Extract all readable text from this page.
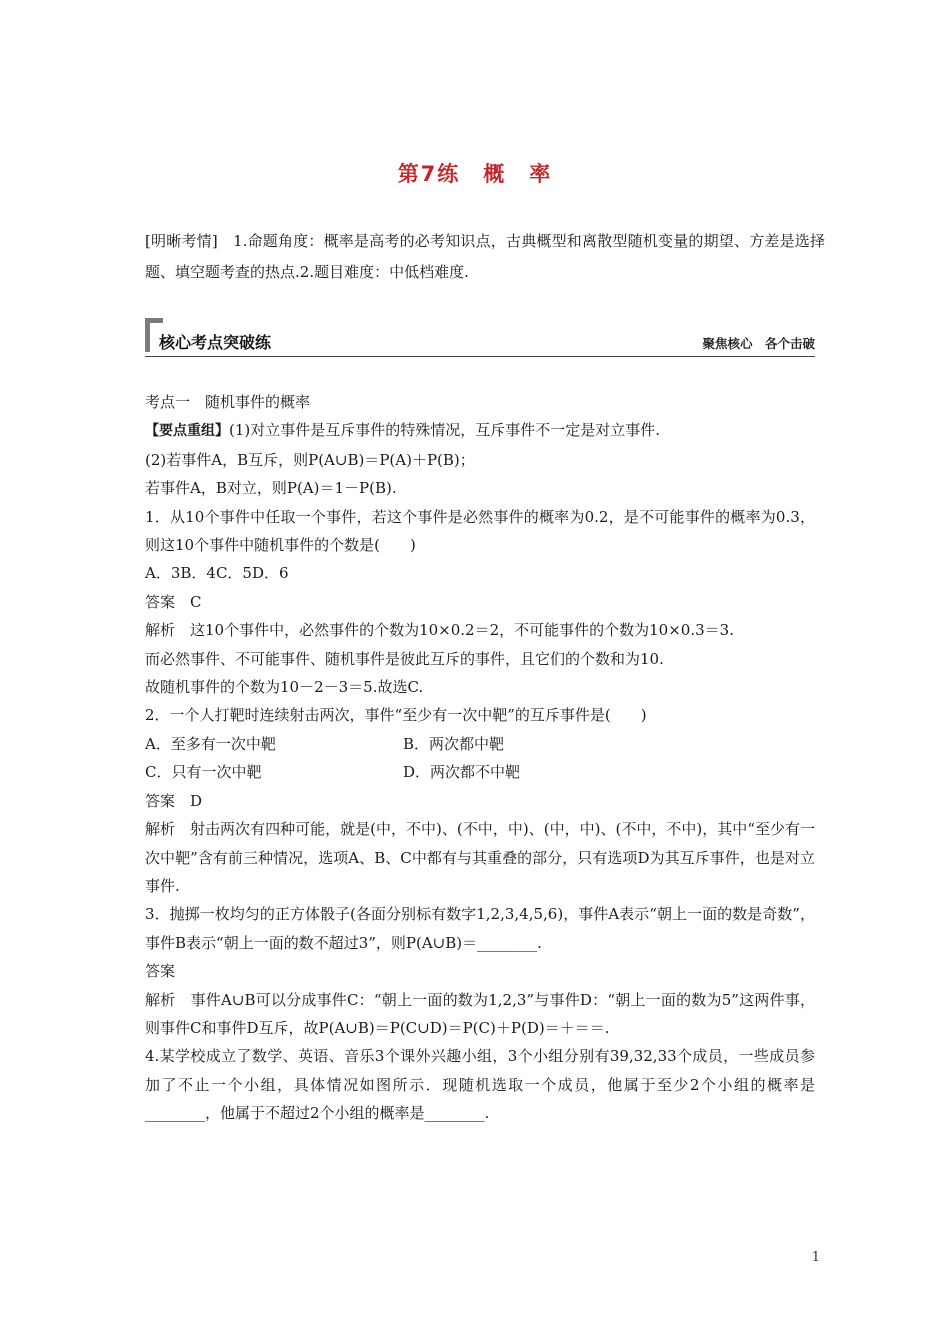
第7练　概　率
[明晰考情]　1.命题角度：概率是高考的必考知识点，古典概型和离散型随机变量的期望、方差是选择题、填空题考查的热点.2.题目难度：中低档难度.
核心考点突破练	聚焦核心　各个击破

考点一　随机事件的概率

【要点重组】(1)对立事件是互斥事件的特殊情况，互斥事件不一定是对立事件.

(2)若事件A，B互斥，则P(A∪B)＝P(A)＋P(B)；

若事件A，B对立，则P(A)＝1－P(B).

1．从10个事件中任取一个事件，若这个事件是必然事件的概率为0.2，是不可能事件的概率为0.3，则这10个事件中随机事件的个数是(　　)

A．3B．4C．5D．6

答案　C

解析　这10个事件中，必然事件的个数为10×0.2＝2，不可能事件的个数为10×0.3＝3.

而必然事件、不可能事件、随机事件是彼此互斥的事件，且它们的个数和为10.

故随机事件的个数为10－2－3＝5.故选C.

2．一个人打靶时连续射击两次，事件“至少有一次中靶”的互斥事件是(　　)

A．至多有一次中靶	B．两次都中靶
C．只有一次中靶	D．两次都不中靶

答案　D

解析　射击两次有四种可能，就是(中，不中)、(不中，中)、(中，中)、(不中，不中)，其中“至少有一次中靶”含有前三种情况，选项A、B、C中都有与其重叠的部分，只有选项D为其互斥事件，也是对立事件.

3．抛掷一枚均匀的正方体骰子(各面分别标有数字1,2,3,4,5,6)，事件A表示“朝上一面的数是奇数”，事件B表示“朝上一面的数不超过3”，则P(A∪B)＝________.

答案

解析　事件A∪B可以分成事件C：“朝上一面的数为1,2,3”与事件D：“朝上一面的数为5”这两件事，则事件C和事件D互斥，故P(A∪B)＝P(C∪D)＝P(C)＋P(D)＝＋＝＝.

4.某学校成立了数学、英语、音乐3个课外兴趣小组，3个小组分别有39,32,33个成员，一些成员参加了不止一个小组，具体情况如图所示．现随机选取一个成员，他属于至少2个小组的概率是________，他属于不超过2个小组的概率是________.

1
